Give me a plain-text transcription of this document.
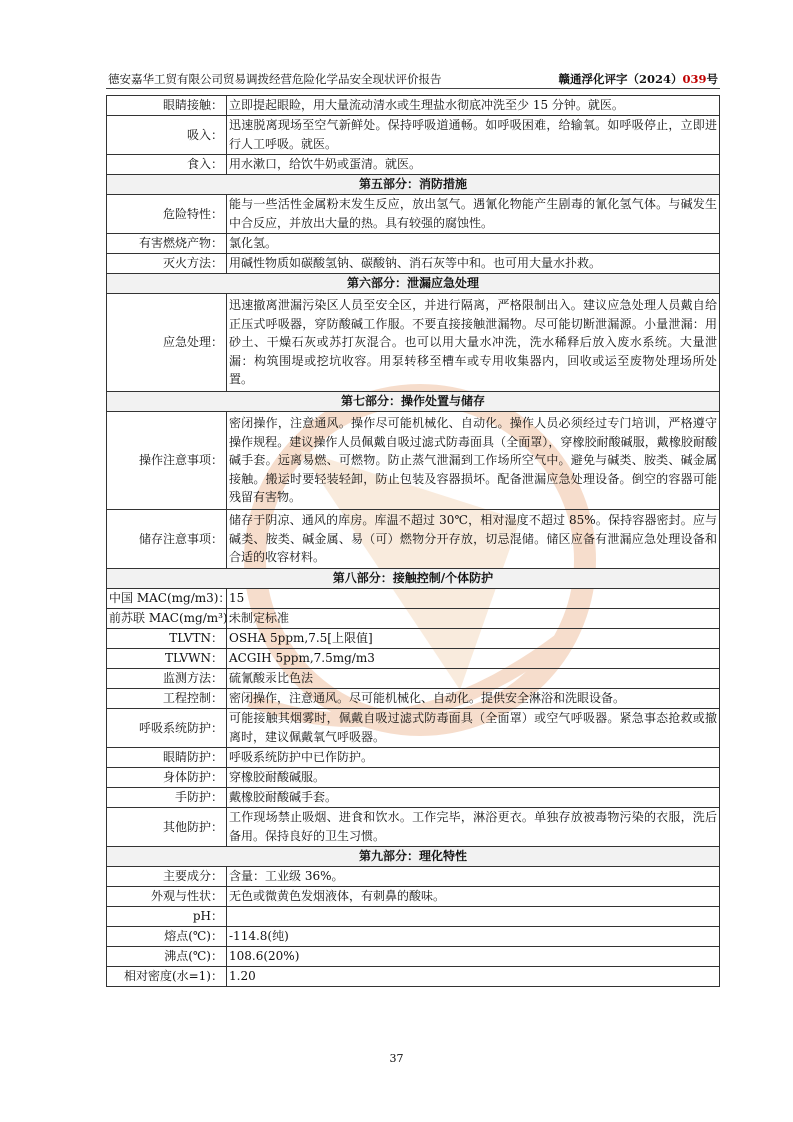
德安嘉华工贸有限公司贸易调拨经营危险化学品安全现状评价报告	赣通浮化评字（2024）039号
眼睛接触：	立即提起眼睑，用大量流动清水或生理盐水彻底冲洗至少 15 分钟。就医。
吸入：	迅速脱离现场至空气新鲜处。保持呼吸道通畅。如呼吸困难，给输氧。如呼吸停止，立即进行人工呼吸。就医。
食入：	用水漱口，给饮牛奶或蛋清。就医。
第五部分：消防措施	
危险特性：	能与一些活性金属粉末发生反应，放出氢气。遇氰化物能产生剧毒的氰化氢气体。与碱发生中合反应，并放出大量的热。具有较强的腐蚀性。
有害燃烧产物：	氯化氢。
灭火方法：	用碱性物质如碳酸氢钠、碳酸钠、消石灰等中和。也可用大量水扑救。
第六部分：泄漏应急处理	
应急处理：	迅速撤离泄漏污染区人员至安全区，并进行隔离，严格限制出入。建议应急处理人员戴自给正压式呼吸器，穿防酸碱工作服。不要直接接触泄漏物。尽可能切断泄漏源。小量泄漏：用砂土、干燥石灰或苏打灰混合。也可以用大量水冲洗，洗水稀释后放入废水系统。大量泄漏：构筑围堤或挖坑收容。用泵转移至槽车或专用收集器内，回收或运至废物处理场所处置。
第七部分：操作处置与储存	
操作注意事项：	密闭操作，注意通风。操作尽可能机械化、自动化。操作人员必须经过专门培训，严格遵守操作规程。建议操作人员佩戴自吸过滤式防毒面具（全面罩），穿橡胶耐酸碱服，戴橡胶耐酸碱手套。远离易燃、可燃物。防止蒸气泄漏到工作场所空气中。避免与碱类、胺类、碱金属接触。搬运时要轻装轻卸，防止包装及容器损坏。配备泄漏应急处理设备。倒空的容器可能残留有害物。
储存注意事项：	储存于阴凉、通风的库房。库温不超过 30℃，相对湿度不超过 85%。保持容器密封。应与碱类、胺类、碱金属、易（可）燃物分开存放，切忌混储。储区应备有泄漏应急处理设备和合适的收容材料。
第八部分：接触控制/个体防护	
中国 MAC(mg/m3)：	15
前苏联 MAC(mg/m³)：	未制定标准
TLVTN：	OSHA 5ppm,7.5[上限值]
TLVWN：	ACGIH 5ppm,7.5mg/m3
监测方法：	硫氰酸汞比色法
工程控制：	密闭操作，注意通风。尽可能机械化、自动化。提供安全淋浴和洗眼设备。
呼吸系统防护：	可能接触其烟雾时，佩戴自吸过滤式防毒面具（全面罩）或空气呼吸器。紧急事态抢救或撤离时，建议佩戴氧气呼吸器。
眼睛防护：	呼吸系统防护中已作防护。
身体防护：	穿橡胶耐酸碱服。
手防护：	戴橡胶耐酸碱手套。
其他防护：	工作现场禁止吸烟、进食和饮水。工作完毕，淋浴更衣。单独存放被毒物污染的衣服，洗后备用。保持良好的卫生习惯。
第九部分：理化特性	
主要成分：	含量：工业级 36%。
外观与性状：	无色或微黄色发烟液体，有刺鼻的酸味。
pH：	
熔点(℃)：	-114.8(纯)
沸点(℃)：	108.6(20%)
相对密度(水=1)：	1.20
37
